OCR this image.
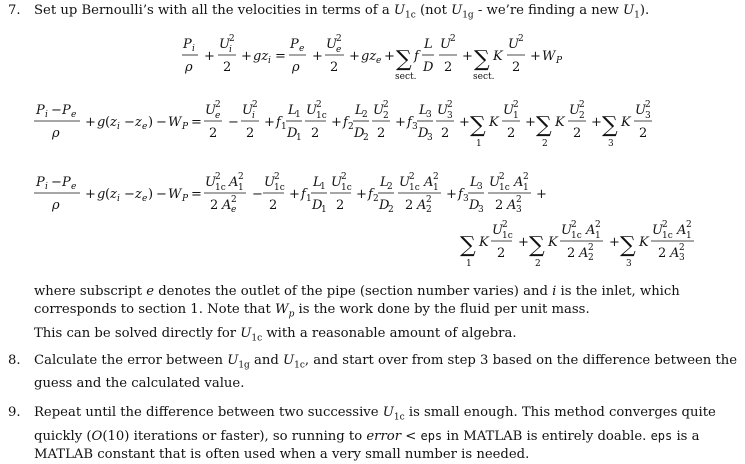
7.	Set up Bernoulli’s with all the velocities in terms of a $U_{1c}$ (not $U_{1g}$ - we’re finding a new $U_1$).
P i
ρ
+
U 2
i
2
+ gz i =
P e
ρ
+
U 2
e
2
+ gz e + ∑
sect.
f
L
D
U 2
2
+ ∑
sect.
K
U 2
2
+ W P
P i − P e
ρ
+ g ( z i − z e ) − W P =
U 2
e
2
−
U 2
i
2
+ f 1
L
1
D
1
U 2
1c
2
+ f 2
L
2
D
2
U 2
2
2
+ f 3
L
3
D
3
U 2
3
2
+ ∑
1
K
U 2
1
2
+ ∑
2
K
U 2
2
2
+ ∑
3
K
U 2
3
2
P i − P e
ρ
+ g ( z i − z e ) − W P =
U 2
1c A 2
1
2 A 2
e
−
U 2
1c
2
+ f 1
L
1
D
1
U 2
1c
2
+ f 2
L
2
D
2
U 2
1c A 2
1
2 A 2
2
+ f 3
L
3
D
3
U 2
1c A 2
1
2 A 2
3
+
∑
1
K
U 2
1c
2
+ ∑
2
K
U 2
1c A 2
1
2 A 2
2
+ ∑
3
K
U 2
1c A 2
1
2 A 2
3
where subscript e denotes the outlet of the pipe (section number varies) and i is the inlet, which corresponds to section 1. Note that $W_p$ is the work done by the fluid per unit mass.
This can be solved directly for $U_{1c}$ with a reasonable amount of algebra.
8.	Calculate the error between $U_{1g}$ and $U_{1c}$, and start over from step 3 based on the difference between the guess and the calculated value.
9.	Repeat until the difference between two successive $U_{1c}$ is small enough. This method converges quite quickly (O(10) iterations or faster), so running to error < eps in MATLAB is entirely doable. eps is a MATLAB constant that is often used when a very small number is needed.
